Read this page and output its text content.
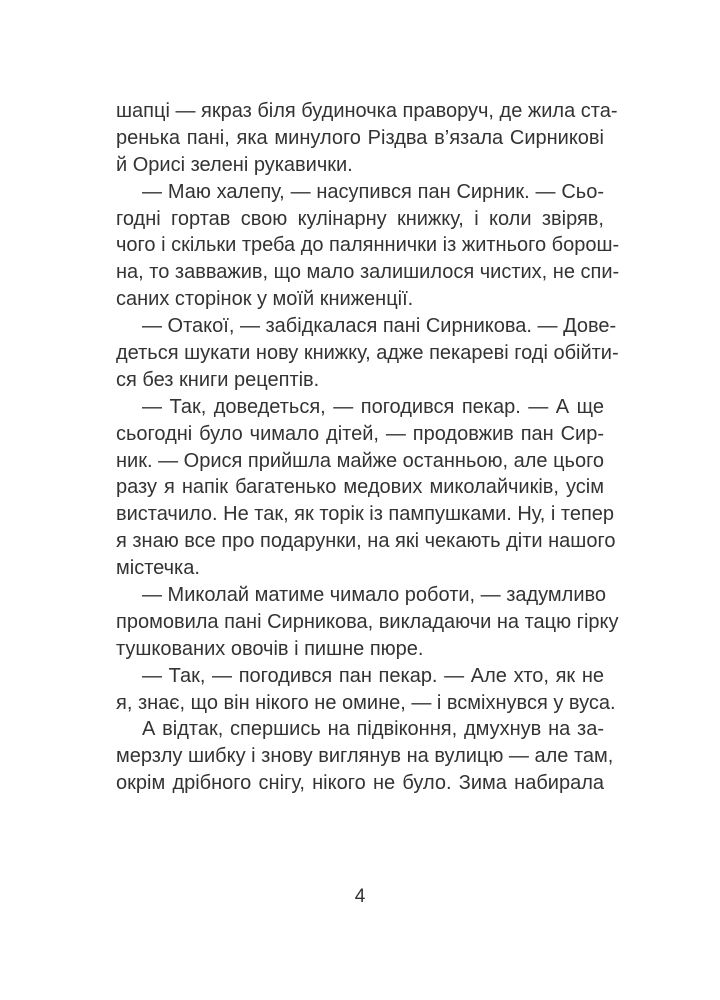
шапці — якраз біля будиночка праворуч, де жила ста-
ренька пані, яка минулого Різдва в’язала Сирникові
й Орисі зелені рукавички.
— Маю халепу, — насупився пан Сирник. — Сьо-
годні гортав свою кулінарну книжку, і коли звіряв,
чого і скільки треба до паляннички із житнього борош-
на, то завважив, що мало залишилося чистих, не спи-
саних сторінок у моїй книженції.
— Отакої, — забідкалася пані Сирникова. — Дове-
деться шукати нову книжку, адже пекареві годі обійти-
ся без книги рецептів.
— Так, доведеться, — погодився пекар. — А ще
сьогодні було чимало дітей, — продовжив пан Сир-
ник. — Орися прийшла майже останньою, але цього
разу я напік багатенько медових миколайчиків, усім
вистачило. Не так, як торік із пампушками. Ну, і тепер
я знаю все про подарунки, на які чекають діти нашого
містечка.
— Миколай матиме чимало роботи, — задумливо
промовила пані Сирникова, викладаючи на тацю гірку
тушкованих овочів і пишне пюре.
— Так, — погодився пан пекар. — Але хто, як не
я, знає, що він нікого не омине, — і всміхнувся у вуса.
А відтак, спершись на підвіконня, дмухнув на за-
мерзлу шибку і знову виглянув на вулицю — але там,
окрім дрібного снігу, нікого не було. Зима набирала
4
